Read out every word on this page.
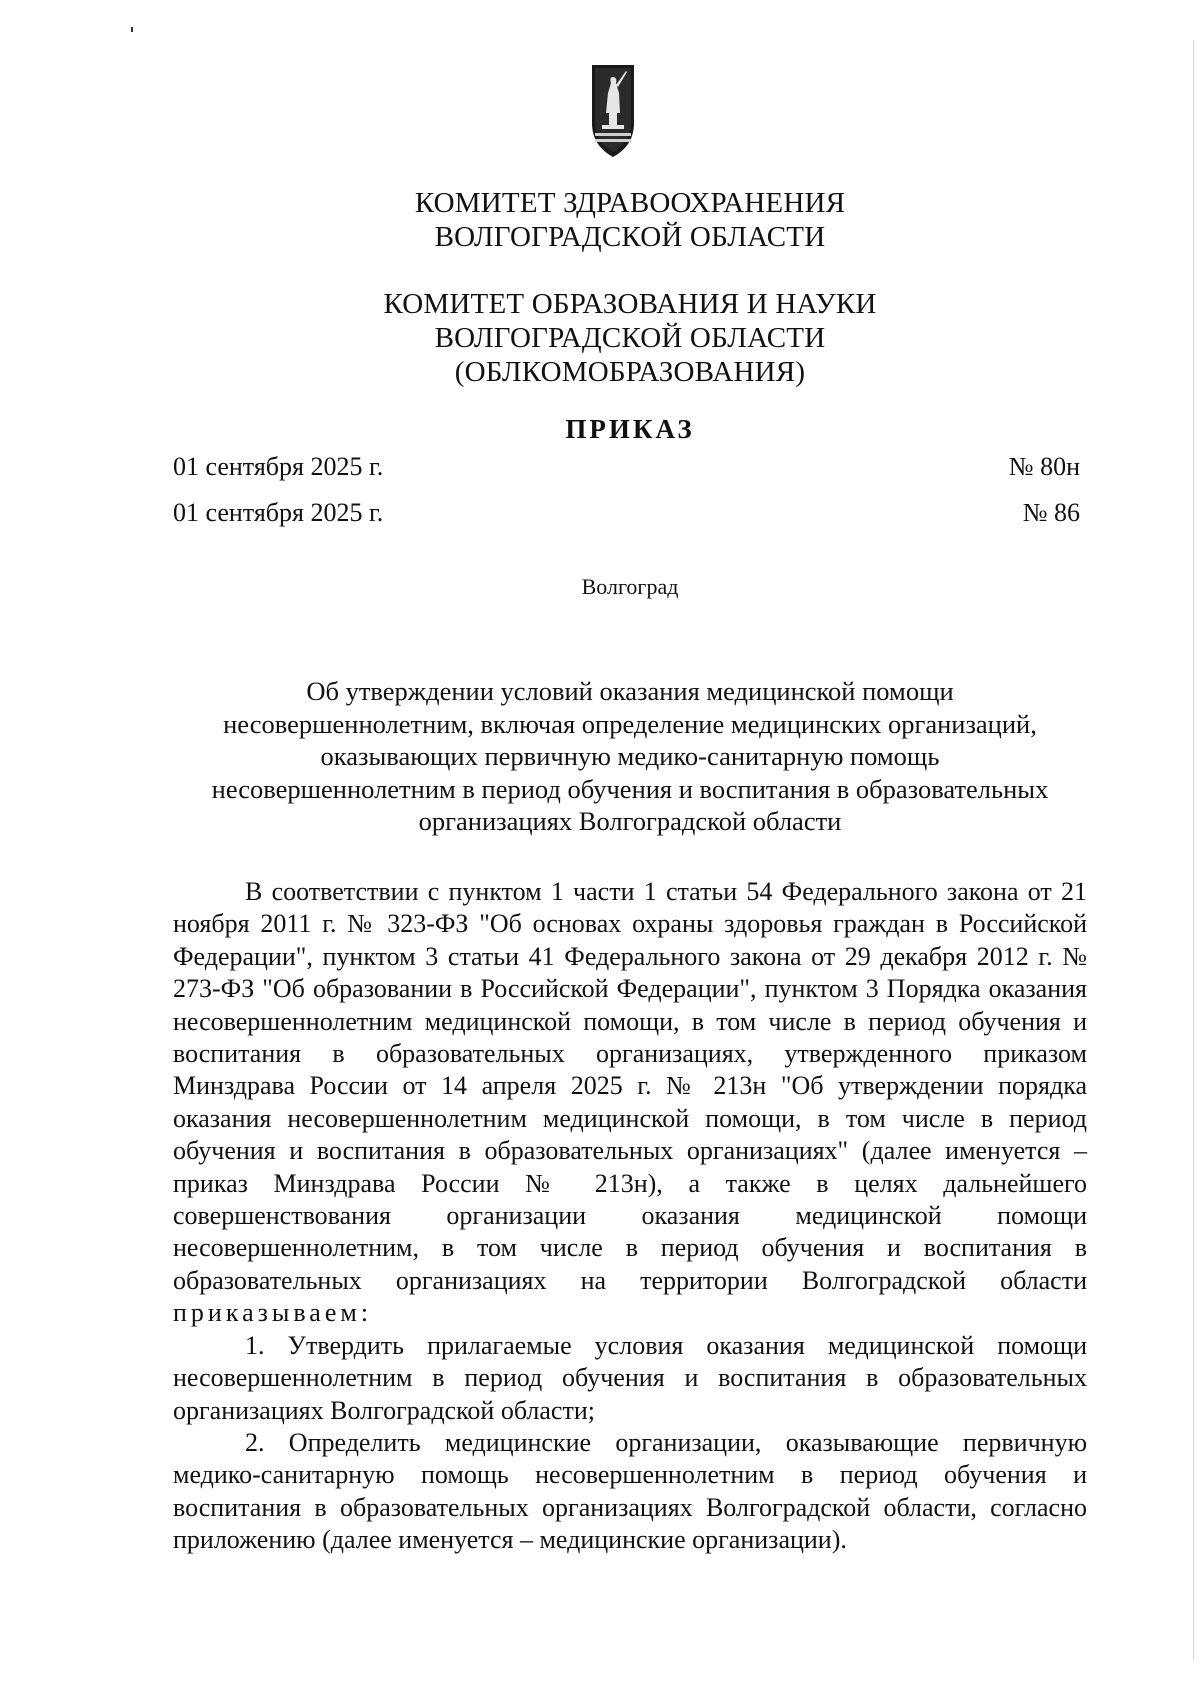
КОМИТЕТ ЗДРАВООХРАНЕНИЯ
ВОЛГОГРАДСКОЙ ОБЛАСТИ
КОМИТЕТ ОБРАЗОВАНИЯ И НАУКИ
ВОЛГОГРАДСКОЙ ОБЛАСТИ
(ОБЛКОМОБРАЗОВАНИЯ)
ПРИКАЗ
01 сентября 2025 г.	№ 80н
01 сентября 2025 г.	№ 86
Волгоград
Об утверждении условий оказания медицинской помощи
несовершеннолетним, включая определение медицинских организаций,
оказывающих первичную медико-санитарную помощь
несовершеннолетним в период обучения и воспитания в образовательных
организациях Волгоградской области

В соответствии с пунктом 1 части 1 статьи 54 Федерального закона от 21 ноября 2011 г. № 323-ФЗ "Об основах охраны здоровья граждан в Российской Федерации", пунктом 3 статьи 41 Федерального закона от 29 декабря 2012 г. № 273-ФЗ "Об образовании в Российской Федерации", пунктом 3 Порядка оказания несовершеннолетним медицинской помощи, в том числе в период обучения и воспитания в образовательных организациях, утвержденного приказом Минздрава России от 14 апреля 2025 г. № 213н "Об утверждении порядка оказания несовершеннолетним медицинской помощи, в том числе в период обучения и воспитания в образовательных организациях" (далее именуется – приказ Минздрава России № 213н), а также в целях дальнейшего совершенствования организации оказания медицинской помощи несовершеннолетним, в том числе в период обучения и воспитания в образовательных организациях на территории Волгоградской области приказываем:

1. Утвердить прилагаемые условия оказания медицинской помощи несовершеннолетним в период обучения и воспитания в образовательных организациях Волгоградской области;

2. Определить медицинские организации, оказывающие первичную медико-санитарную помощь несовершеннолетним в период обучения и воспитания в образовательных организациях Волгоградской области, согласно приложению (далее именуется – медицинские организации).
